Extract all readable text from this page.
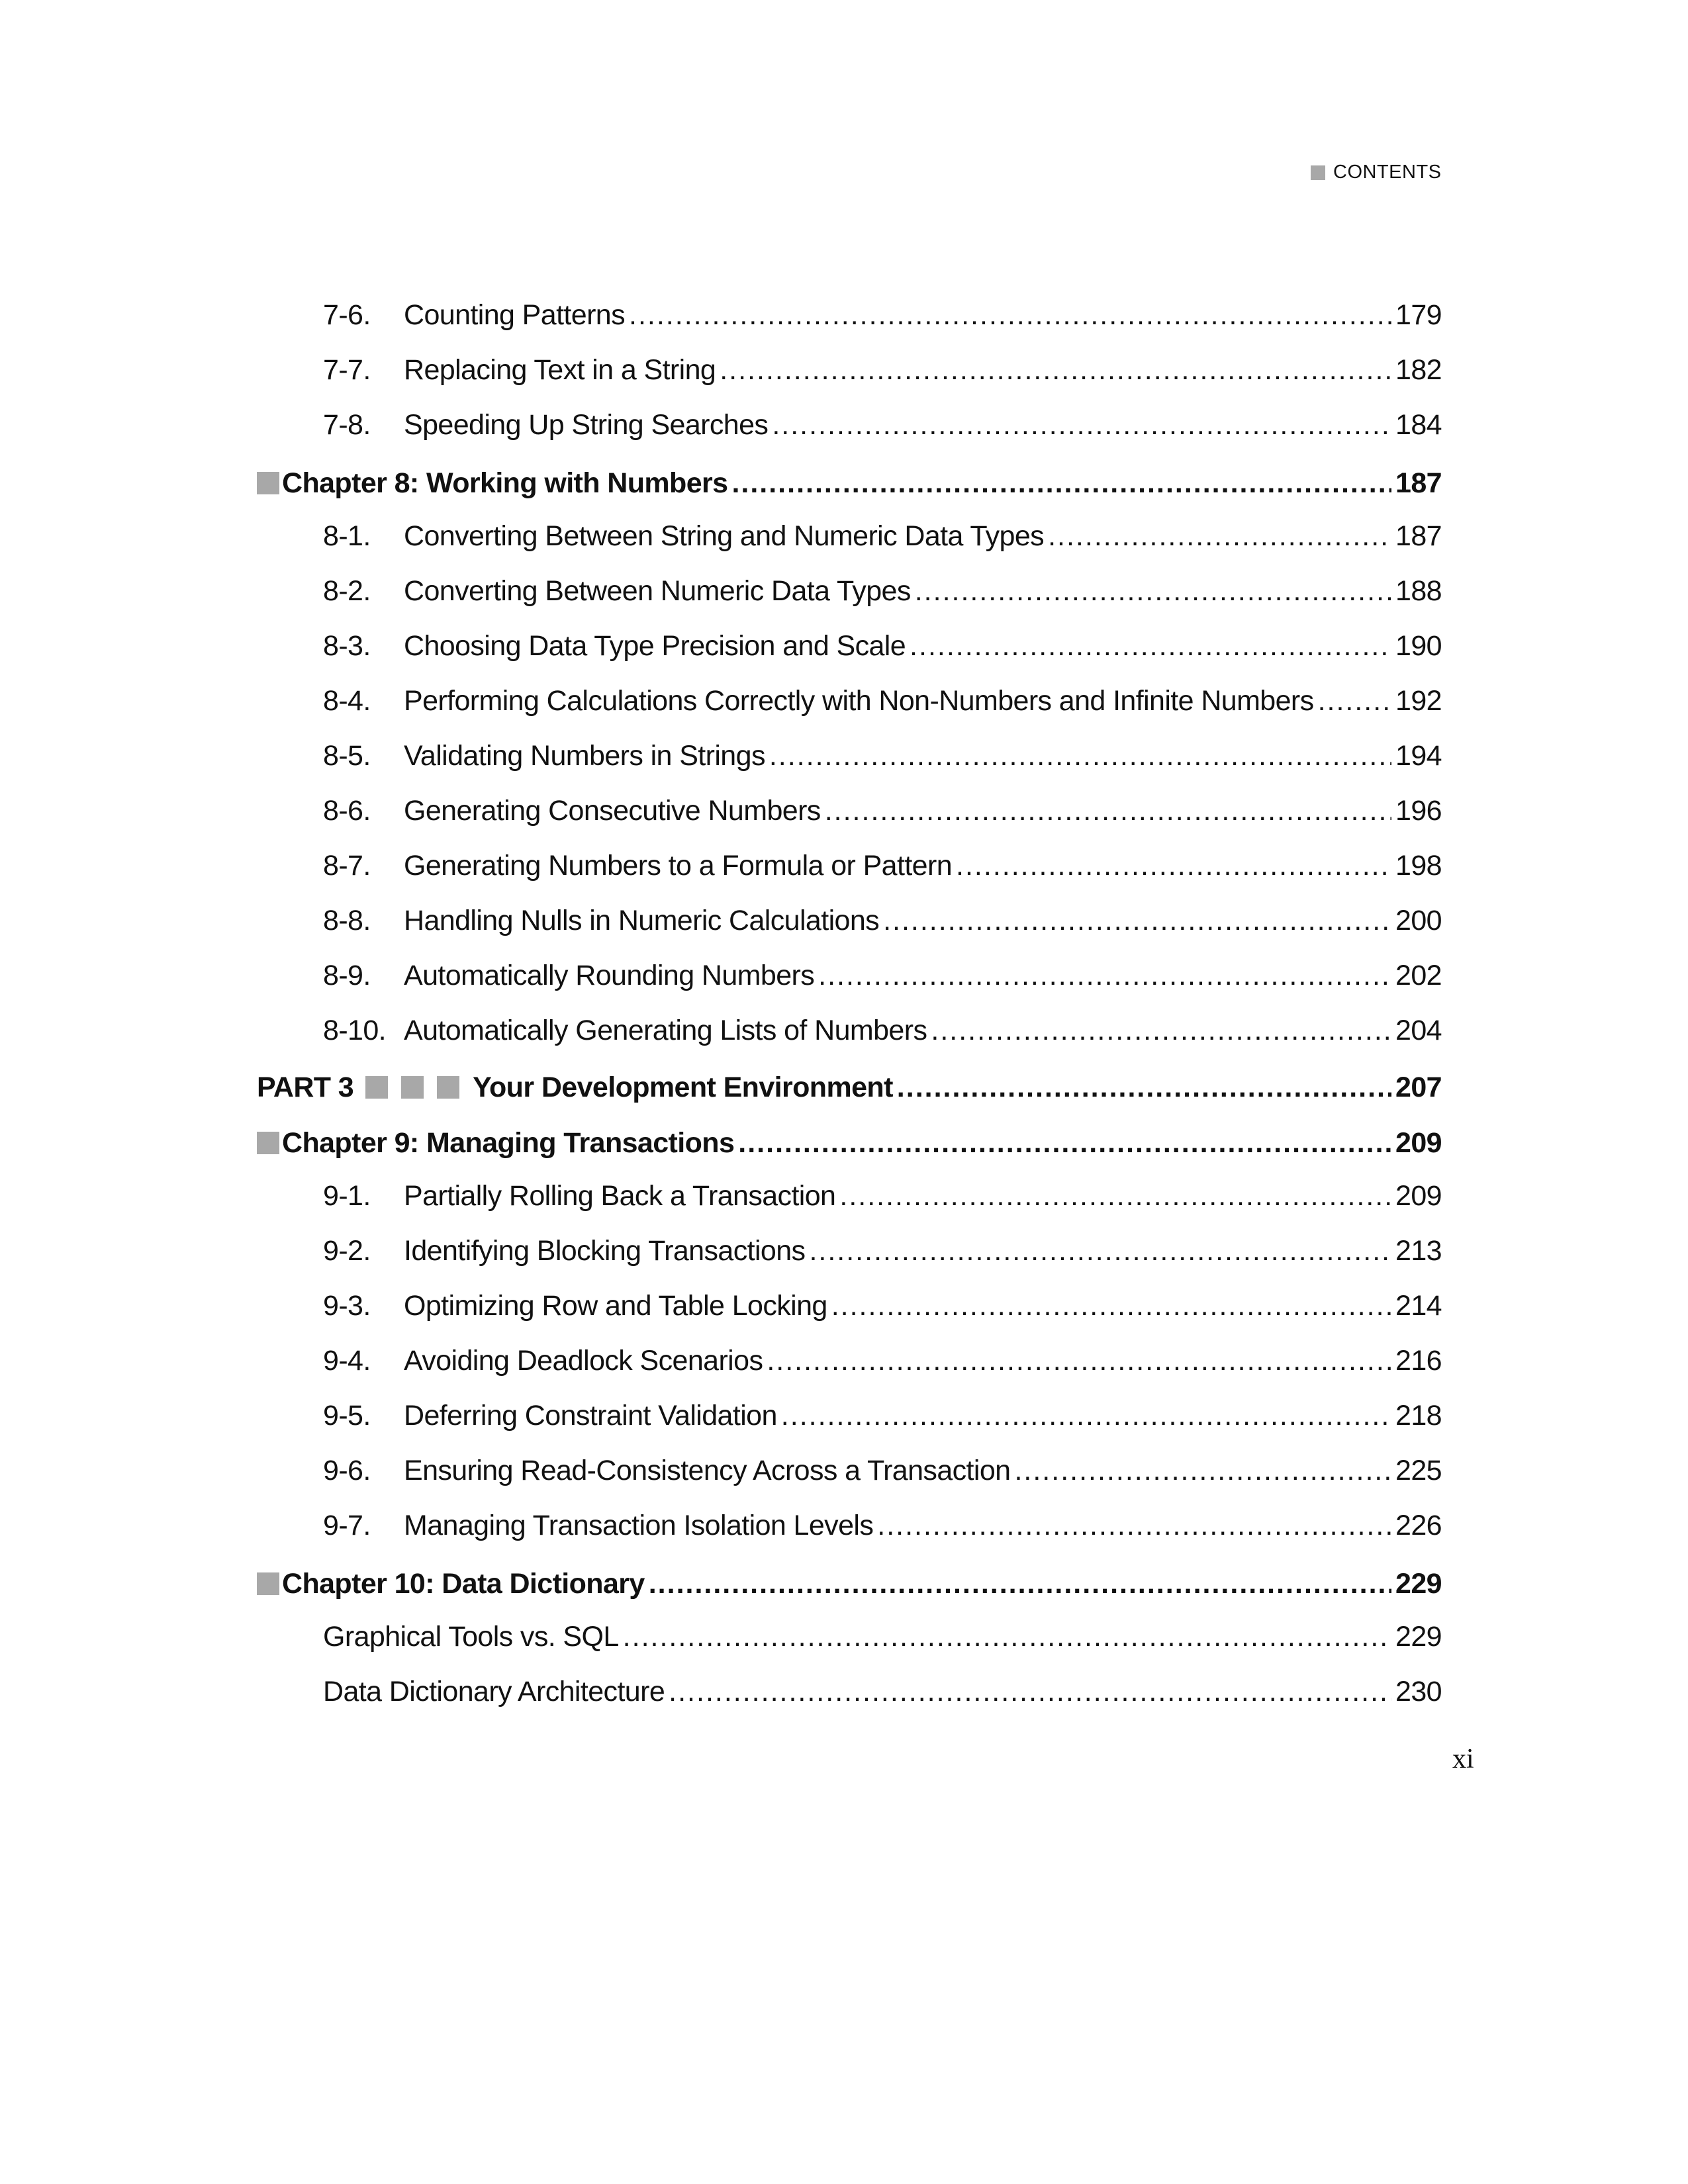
CONTENTS
7-6.	Counting Patterns .....	179
7-7.	Replacing Text in a String .....	182
7-8.	Speeding Up String Searches .....	184
Chapter 8: Working with Numbers .....	187
8-1.	Converting Between String and Numeric Data Types .....	187
8-2.	Converting Between Numeric Data Types .....	188
8-3.	Choosing Data Type Precision and Scale .....	190
8-4.	Performing Calculations Correctly with Non-Numbers and Infinite Numbers .....	192
8-5.	Validating Numbers in Strings .....	194
8-6.	Generating Consecutive Numbers .....	196
8-7.	Generating Numbers to a Formula or Pattern .....	198
8-8.	Handling Nulls in Numeric Calculations .....	200
8-9.	Automatically Rounding Numbers .....	202
8-10. Automatically Generating Lists of Numbers .....	204
PART 3	Your Development Environment .....	207
Chapter 9: Managing Transactions .....	209
9-1.	Partially Rolling Back a Transaction .....	209
9-2.	Identifying Blocking Transactions .....	213
9-3.	Optimizing Row and Table Locking .....	214
9-4.	Avoiding Deadlock Scenarios .....	216
9-5.	Deferring Constraint Validation .....	218
9-6.	Ensuring Read-Consistency Across a Transaction .....	225
9-7.	Managing Transaction Isolation Levels .....	226
Chapter 10: Data Dictionary .....	229
Graphical Tools vs. SQL .....	229
Data Dictionary Architecture .....	230
xi
